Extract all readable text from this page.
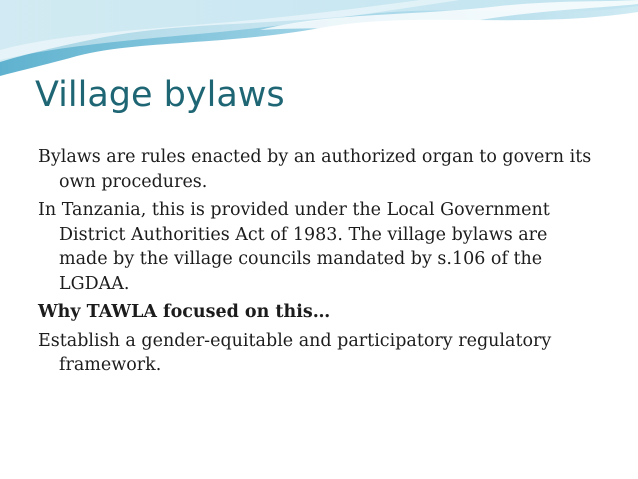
Village bylaws

Bylaws are rules enacted by an authorized organ to govern its own procedures.

In Tanzania, this is provided under the Local Government District Authorities Act of 1983. The village bylaws are made by the village councils mandated by s.106 of the LGDAA.

Why TAWLA focused on this…

Establish a gender-equitable and participatory regulatory framework.
